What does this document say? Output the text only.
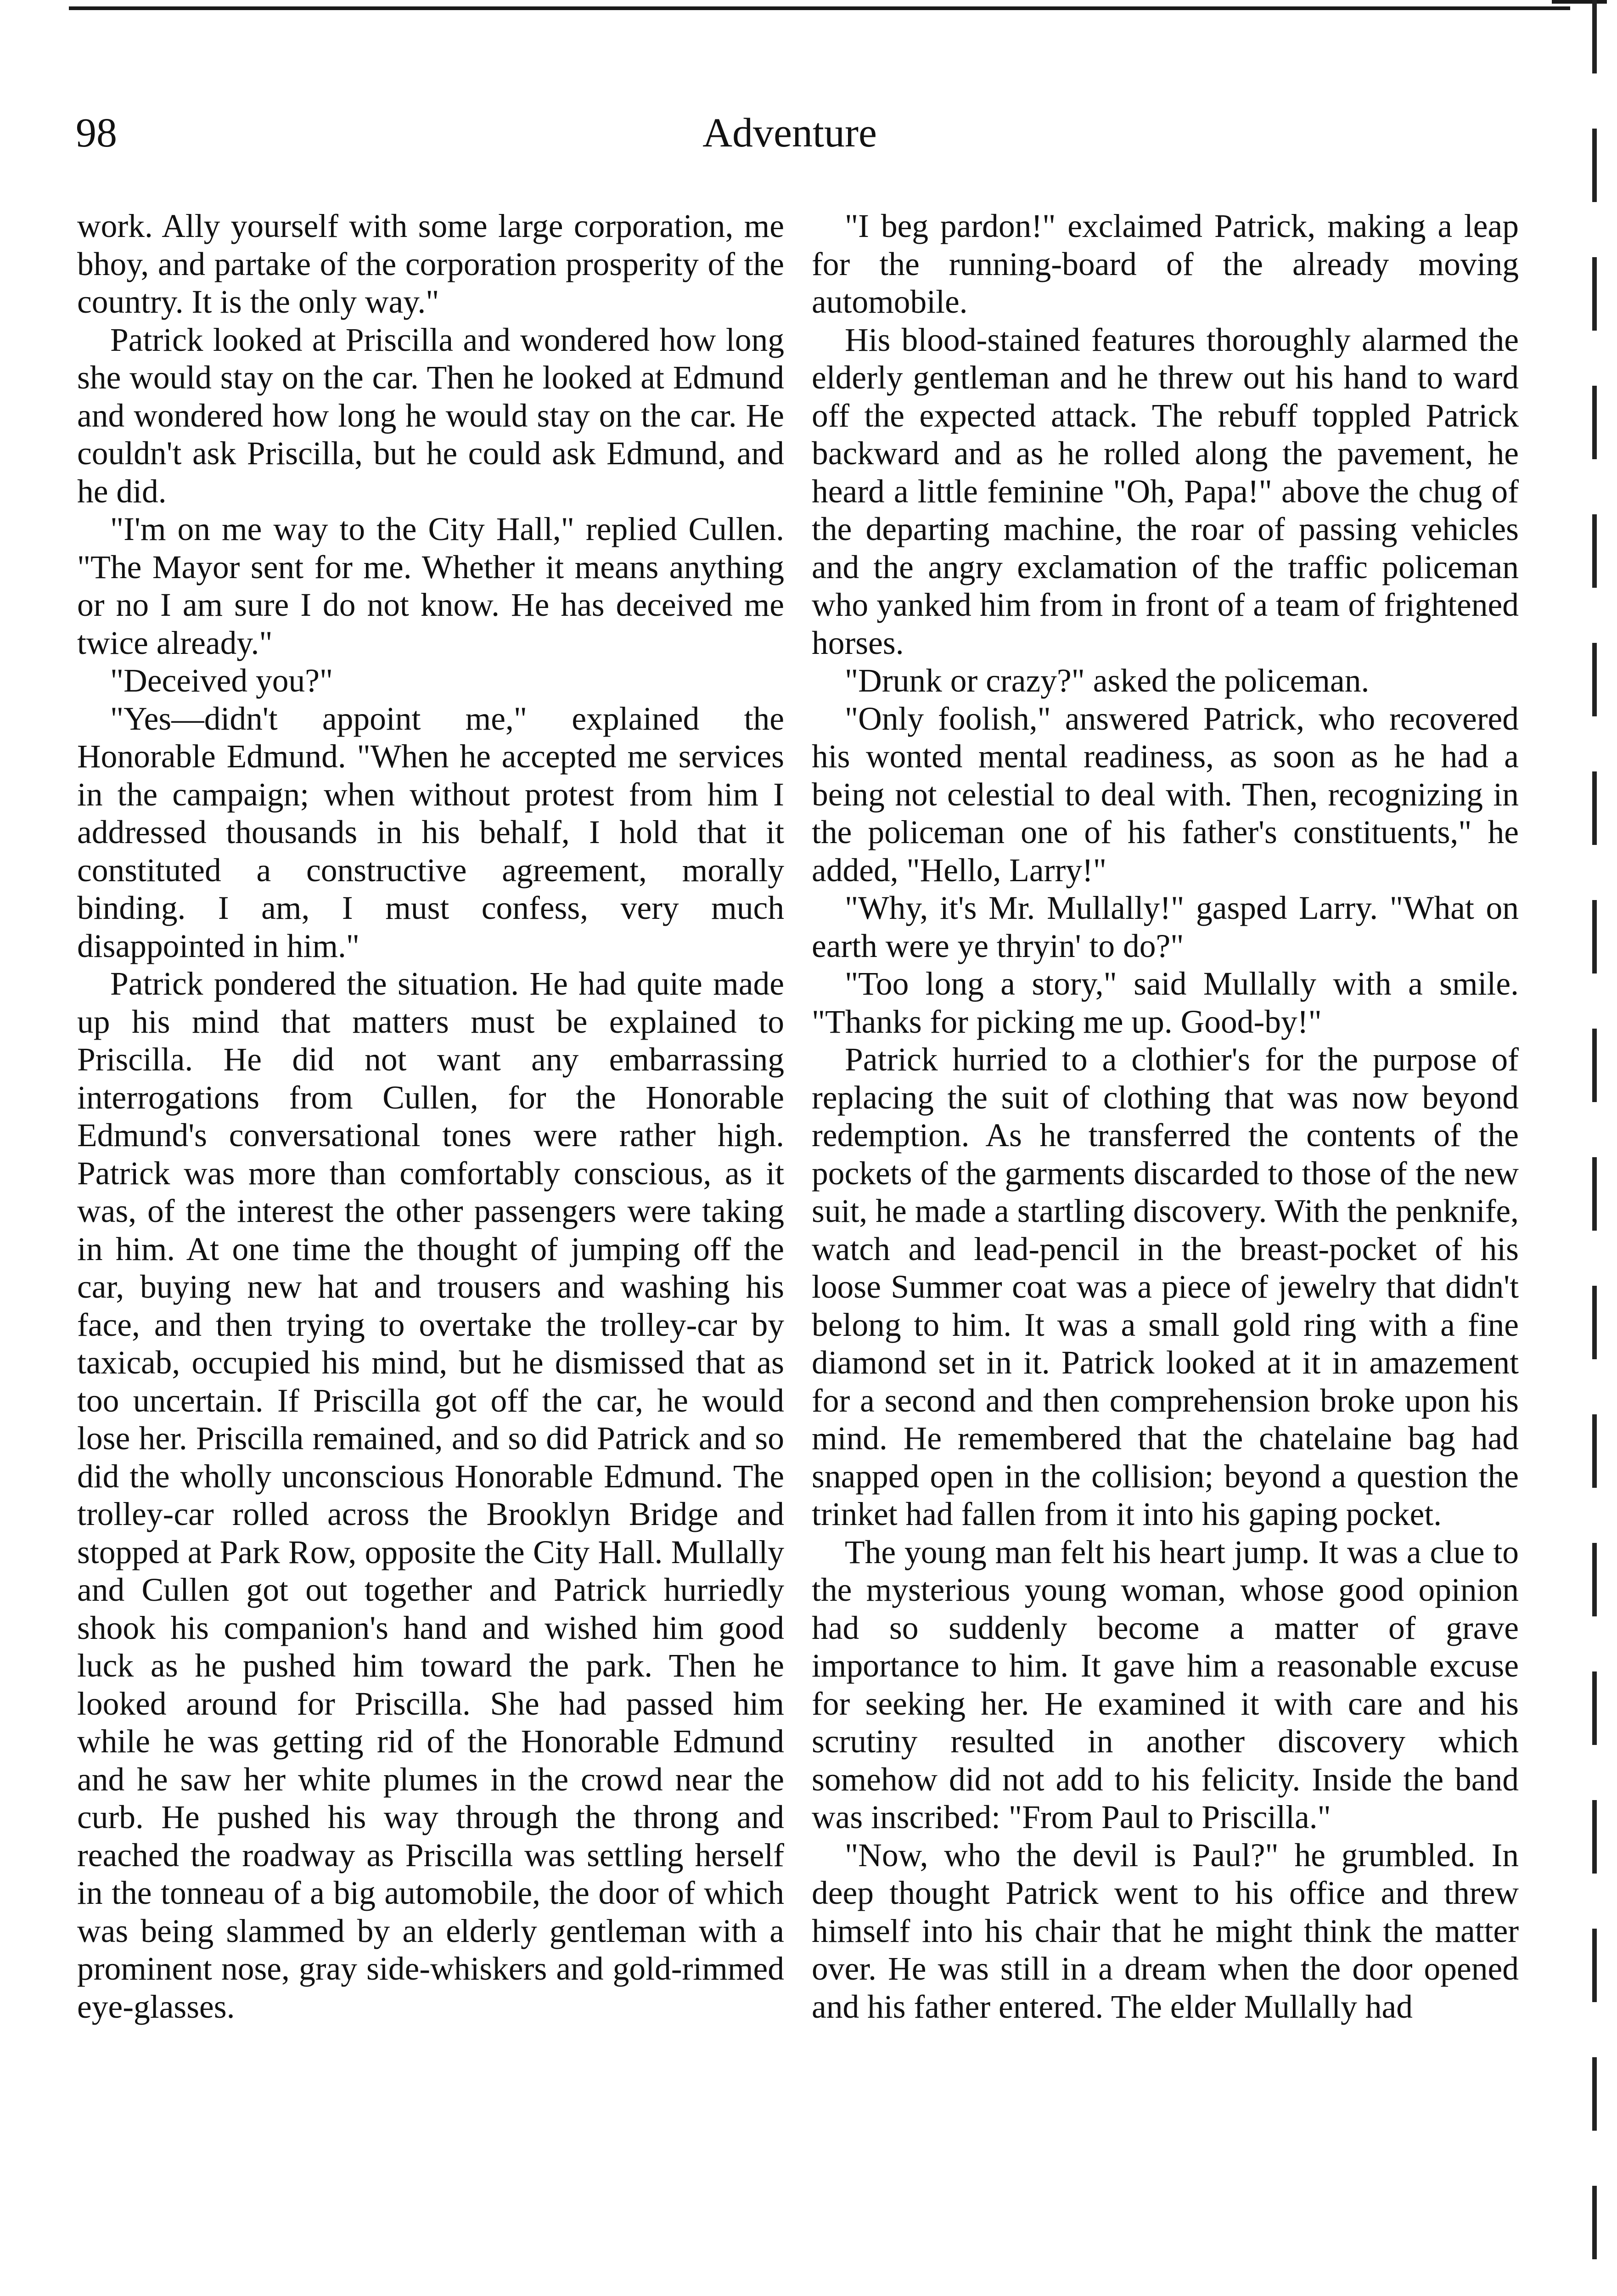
98	Adventure

work. Ally yourself with some large corporation, me bhoy, and partake of the corporation prosperity of the country. It is the only way."

Patrick looked at Priscilla and wondered how long she would stay on the car. Then he looked at Edmund and wondered how long he would stay on the car. He couldn't ask Priscilla, but he could ask Edmund, and he did.

"I'm on me way to the City Hall," replied Cullen. "The Mayor sent for me. Whether it means anything or no I am sure I do not know. He has deceived me twice already."

"Deceived you?"

"Yes—didn't appoint me," explained the Honorable Edmund. "When he accepted me services in the campaign; when without protest from him I addressed thousands in his behalf, I hold that it constituted a constructive agreement, morally binding. I am, I must confess, very much disappointed in him."

Patrick pondered the situation. He had quite made up his mind that matters must be explained to Priscilla. He did not want any embarrassing interrogations from Cullen, for the Honorable Edmund's conversational tones were rather high. Patrick was more than comfortably conscious, as it was, of the interest the other passengers were taking in him. At one time the thought of jumping off the car, buying new hat and trousers and washing his face, and then trying to overtake the trolley-car by taxicab, occupied his mind, but he dismissed that as too uncertain. If Priscilla got off the car, he would lose her. Priscilla remained, and so did Patrick and so did the wholly unconscious Honorable Edmund. The trolley-car rolled across the Brooklyn Bridge and stopped at Park Row, opposite the City Hall. Mullally and Cullen got out together and Patrick hurriedly shook his companion's hand and wished him good luck as he pushed him toward the park. Then he looked around for Priscilla. She had passed him while he was getting rid of the Honorable Edmund and he saw her white plumes in the crowd near the curb. He pushed his way through the throng and reached the roadway as Priscilla was settling herself in the tonneau of a big automobile, the door of which was being slammed by an elderly gentleman with a prominent nose, gray side-whiskers and gold-rimmed eye-glasses.

"I beg pardon!" exclaimed Patrick, making a leap for the running-board of the already moving automobile.

His blood-stained features thoroughly alarmed the elderly gentleman and he threw out his hand to ward off the expected attack. The rebuff toppled Patrick backward and as he rolled along the pavement, he heard a little feminine "Oh, Papa!" above the chug of the departing machine, the roar of passing vehicles and the angry exclamation of the traffic policeman who yanked him from in front of a team of frightened horses.

"Drunk or crazy?" asked the policeman.

"Only foolish," answered Patrick, who recovered his wonted mental readiness, as soon as he had a being not celestial to deal with. Then, recognizing in the policeman one of his father's constituents," he added, "Hello, Larry!"

"Why, it's Mr. Mullally!" gasped Larry. "What on earth were ye thryin' to do?"

"Too long a story," said Mullally with a smile. "Thanks for picking me up. Good-by!"

Patrick hurried to a clothier's for the purpose of replacing the suit of clothing that was now beyond redemption. As he transferred the contents of the pockets of the garments discarded to those of the new suit, he made a startling discovery. With the penknife, watch and lead-pencil in the breast-pocket of his loose Summer coat was a piece of jewelry that didn't belong to him. It was a small gold ring with a fine diamond set in it. Patrick looked at it in amazement for a second and then comprehension broke upon his mind. He remembered that the chatelaine bag had snapped open in the collision; beyond a question the trinket had fallen from it into his gaping pocket.

The young man felt his heart jump. It was a clue to the mysterious young woman, whose good opinion had so suddenly become a matter of grave importance to him. It gave him a reasonable excuse for seeking her. He examined it with care and his scrutiny resulted in another discovery which somehow did not add to his felicity. Inside the band was inscribed: "From Paul to Priscilla."

"Now, who the devil is Paul?" he grumbled. In deep thought Patrick went to his office and threw himself into his chair that he might think the matter over. He was still in a dream when the door opened and his father entered. The elder Mullally had
